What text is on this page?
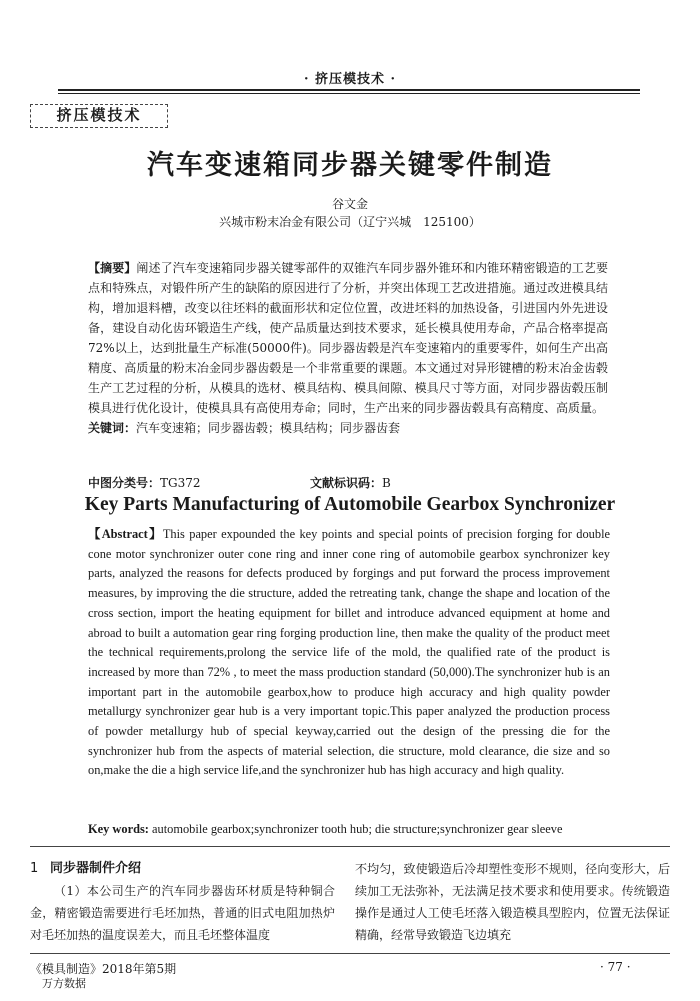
· 挤压模技术 ·
挤压模技术
汽车变速箱同步器关键零件制造
谷文金
兴城市粉末冶金有限公司（辽宁兴城　125100）
【摘要】阐述了汽车变速箱同步器关键零部件的双锥汽车同步器外锥环和内锥环精密锻造的工艺要点和特殊点，对锻件所产生的缺陷的原因进行了分析，并突出体现工艺改进措施。通过改进模具结构，增加退料槽，改变以往坯料的截面形状和定位位置，改进坯料的加热设备，引进国内外先进设备，建设自动化齿环锻造生产线，使产品质量达到技术要求，延长模具使用寿命，产品合格率提高72%以上，达到批量生产标准(50000件)。同步器齿毂是汽车变速箱内的重要零件，如何生产出高精度、高质量的粉末冶金同步器齿毂是一个非常重要的课题。本文通过对异形键槽的粉末冶金齿毂生产工艺过程的分析，从模具的选材、模具结构、模具间隙、模具尺寸等方面，对同步器齿毂压制模具进行优化设计，使模具具有高使用寿命；同时，生产出来的同步器齿毂具有高精度、高质量。
关键词：汽车变速箱；同步器齿毂；模具结构；同步器齿套
中图分类号：TG372	文献标识码：B
Key Parts Manufacturing of Automobile Gearbox Synchronizer
【Abstract】This paper expounded the key points and special points of precision forging for double cone motor synchronizer outer cone ring and inner cone ring of automobile gearbox synchronizer key parts, analyzed the reasons for defects produced by forgings and put forward the process improvement measures, by improving the die structure, added the retreating tank, change the shape and location of the cross section, import the heating equipment for billet and introduce advanced equipment at home and abroad to built a automation gear ring forging production line, then make the quality of the product meet the technical requirements,prolong the service life of the mold, the qualified rate of the product is increased by more than 72% , to meet the mass production standard (50,000).The synchronizer hub is an important part in the automobile gearbox,how to produce high accuracy and high quality powder metallurgy synchronizer gear hub is a very important topic.This paper analyzed the production process of powder metallurgy hub of special keyway,carried out the design of the pressing die for the synchronizer hub from the aspects of material selection, die structure, mold clearance, die size and so on,make the die a high service life,and the synchronizer hub has high accuracy and high quality.
Key words: automobile gearbox;synchronizer tooth hub; die structure;synchronizer gear sleeve
1 同步器制件介绍
（1）本公司生产的汽车同步器齿环材质是特种铜合金，精密锻造需要进行毛坯加热，普通的旧式电阻加热炉对毛坯加热的温度误差大，而且毛坯整体温度
不均匀，致使锻造后冷却塑性变形不规则，径向变形大，后续加工无法弥补，无法满足技术要求和使用要求。传统锻造操作是通过人工使毛坯落入锻造模具型腔内，位置无法保证精确，经常导致锻造飞边填充
《模具制造》2018年第5期
万方数据
· 77 ·
